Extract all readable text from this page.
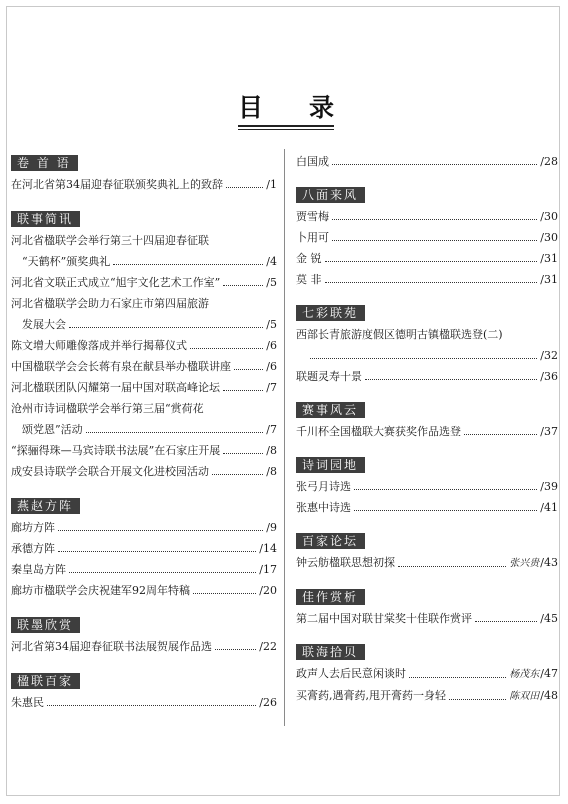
目 录
卷 首 语
在河北省第34届迎春征联颁奖典礼上的致辞	/1
联事简讯
河北省楹联学会举行第三十四届迎春征联
“天鹤杯”颁奖典礼	/4
河北省文联正式成立“旭宇文化艺术工作室”	/5
河北省楹联学会助力石家庄市第四届旅游
发展大会	/5
陈文增大师雕像落成并举行揭幕仪式	/6
中国楹联学会会长蒋有泉在献县举办楹联讲座	/6
河北楹联团队闪耀第一届中国对联高峰论坛	/7
沧州市诗词楹联学会举行第三届“赏荷花
颂党恩”活动	/7
“探骊得珠—马宾诗联书法展”在石家庄开展	/8
成安县诗联学会联合开展文化进校园活动	/8
燕赵方阵
廊坊方阵	/9
承德方阵	/14
秦皇岛方阵	/17
廊坊市楹联学会庆祝建军92周年特稿	/20
联墨欣赏
河北省第34届迎春征联书法展贺展作品选	/22
楹联百家
朱惠民	/26
白国成	/28
八面来风
贾雪梅	/30
卜用可	/30
金 锐	/31
莫 非	/31
七彩联苑
西部长青旅游度假区德明古镇楹联选登(二)
/32
联题灵寿十景	/36
赛事风云
千川杯全国楹联大赛获奖作品选登	/37
诗词园地
张弓月诗选	/39
张惠中诗选	/41
百家论坛
钟云舫楹联思想初探	张兴贵 /43
佳作赏析
第二届中国对联甘棠奖十佳联作赏评	/45
联海拾贝
政声人去后民意闲谈时	杨茂东 /47
买膏药,遇膏药,甩开膏药一身轻	陈双田 /48
